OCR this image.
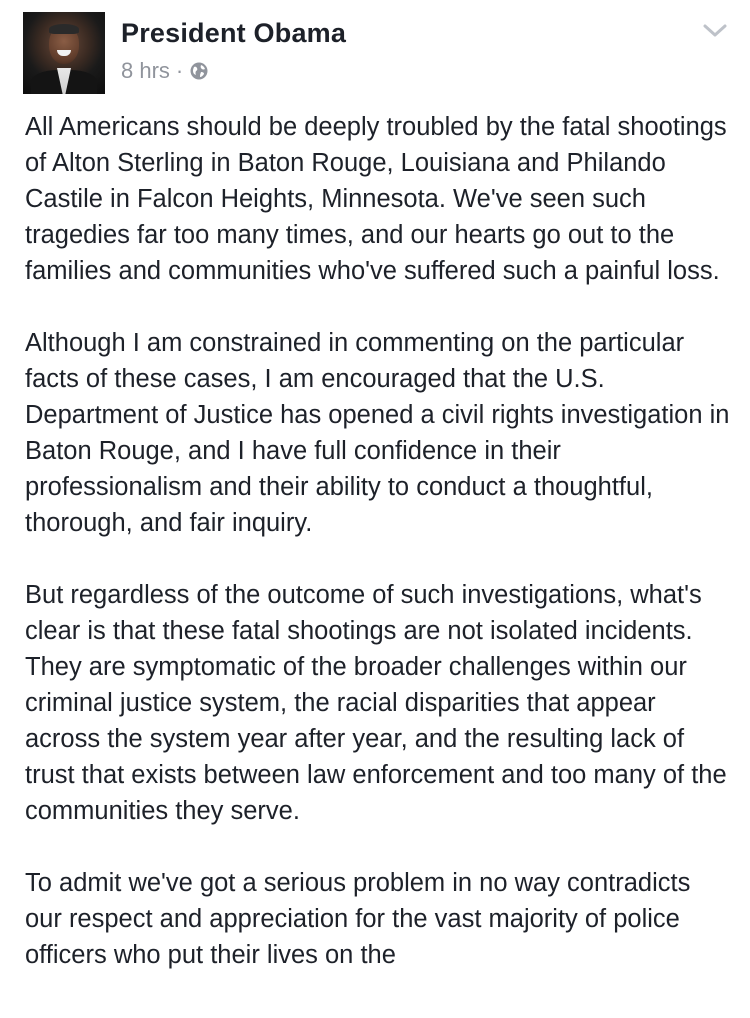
President Obama
8 hrs ·

All Americans should be deeply troubled by the fatal shootings of Alton Sterling in Baton Rouge, Louisiana and Philando Castile in Falcon Heights, Minnesota. We've seen such tragedies far too many times, and our hearts go out to the families and communities who've suffered such a painful loss.

Although I am constrained in commenting on the particular facts of these cases, I am encouraged that the U.S. Department of Justice has opened a civil rights investigation in Baton Rouge, and I have full confidence in their professionalism and their ability to conduct a thoughtful, thorough, and fair inquiry.

But regardless of the outcome of such investigations, what's clear is that these fatal shootings are not isolated incidents. They are symptomatic of the broader challenges within our criminal justice system, the racial disparities that appear across the system year after year, and the resulting lack of trust that exists between law enforcement and too many of the communities they serve.

To admit we've got a serious problem in no way contradicts our respect and appreciation for the vast majority of police officers who put their lives on the
